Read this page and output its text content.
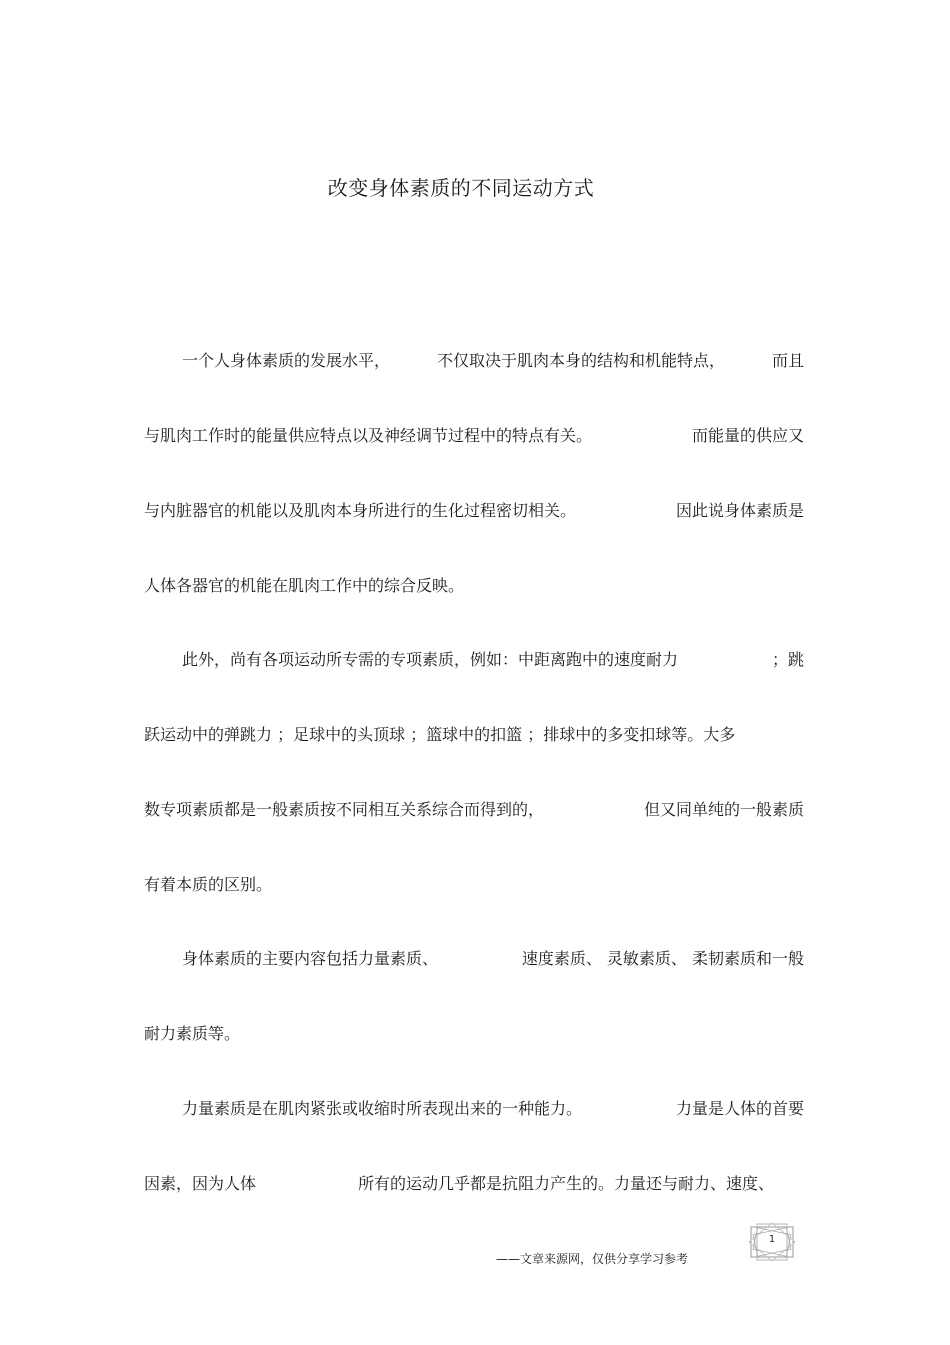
改变身体素质的不同运动方式
一个人身体素质的发展水平，	不仅取决于肌肉本身的结构和机能特点，	而且
与肌肉工作时的能量供应特点以及神经调节过程中的特点有关。	而能量的供应又
与内脏器官的机能以及肌肉本身所进行的生化过程密切相关。	因此说身体素质是
人体各器官的机能在肌肉工作中的综合反映。
此外，尚有各项运动所专需的专项素质，例如：中距离跑中的速度耐力	；跳
跃运动中的弹跳力 ；足球中的头顶球 ；篮球中的扣篮 ；排球中的多变扣球等。大多
数专项素质都是一般素质按不同相互关系综合而得到的，	但又同单纯的一般素质
有着本质的区别。
身体素质的主要内容包括力量素质、	速度素质、 灵敏素质、 柔韧素质和一般
耐力素质等。
力量素质是在肌肉紧张或收缩时所表现出来的一种能力。	力量是人体的首要
因素，因为人体	所有的运动几乎都是抗阻力产生的。力量还与耐力、速度、
——文章来源网，仅供分享学习参考
1
